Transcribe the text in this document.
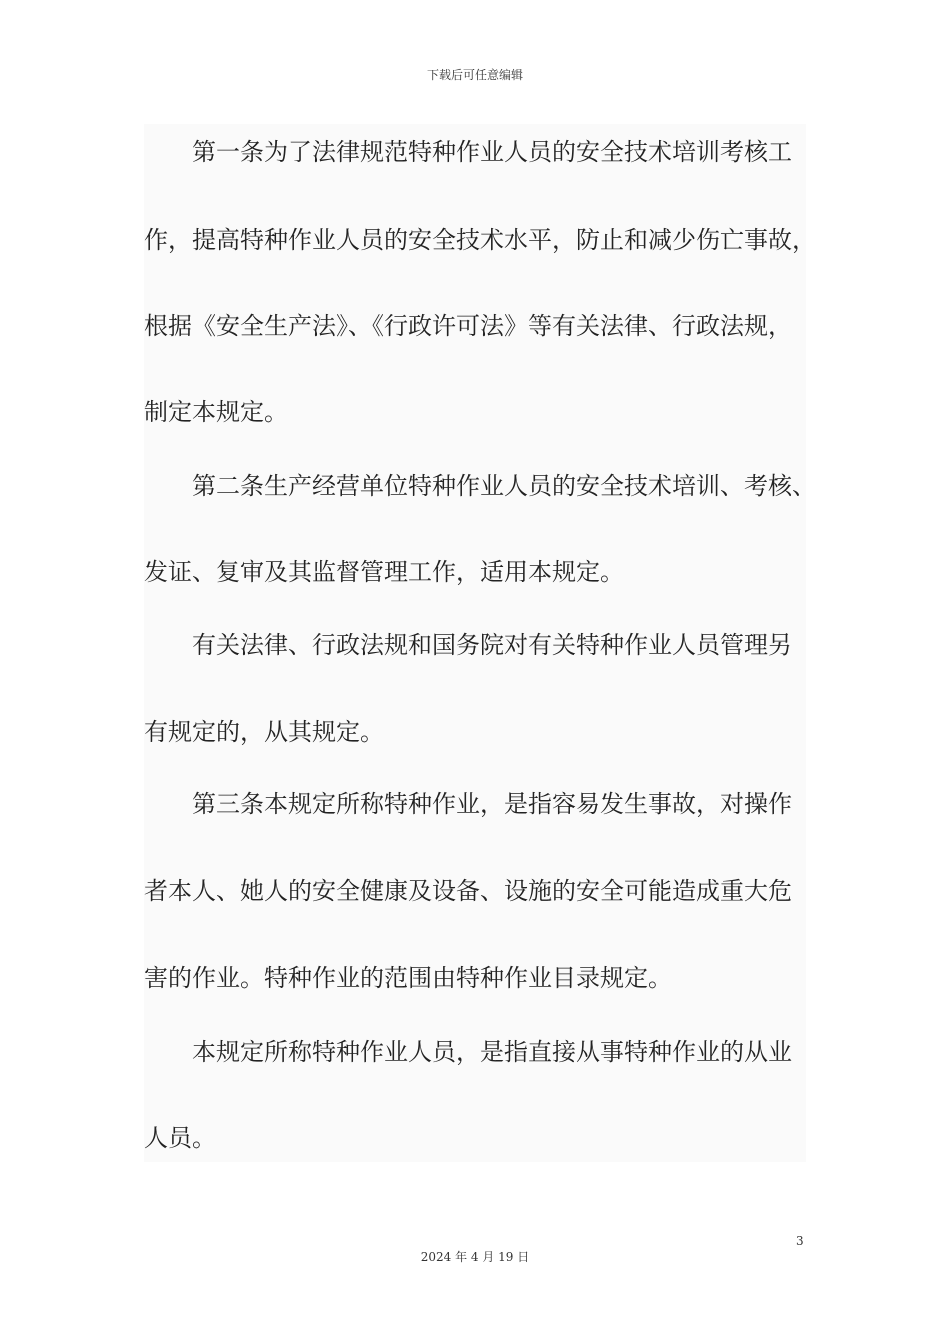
下载后可任意编辑
第一条为了法律规范特种作业人员的安全技术培训考核工
作，提高特种作业人员的安全技术水平，防止和减少伤亡事故，
根据《安全生产法》、《行政许可法》等有关法律、行政法规，
制定本规定。
第二条生产经营单位特种作业人员的安全技术培训、考核、
发证、复审及其监督管理工作，适用本规定。
有关法律、行政法规和国务院对有关特种作业人员管理另
有规定的，从其规定。
第三条本规定所称特种作业，是指容易发生事故，对操作
者本人、她人的安全健康及设备、设施的安全可能造成重大危
害的作业。特种作业的范围由特种作业目录规定。
本规定所称特种作业人员，是指直接从事特种作业的从业
人员。
3
2024 年 4 月 19 日
